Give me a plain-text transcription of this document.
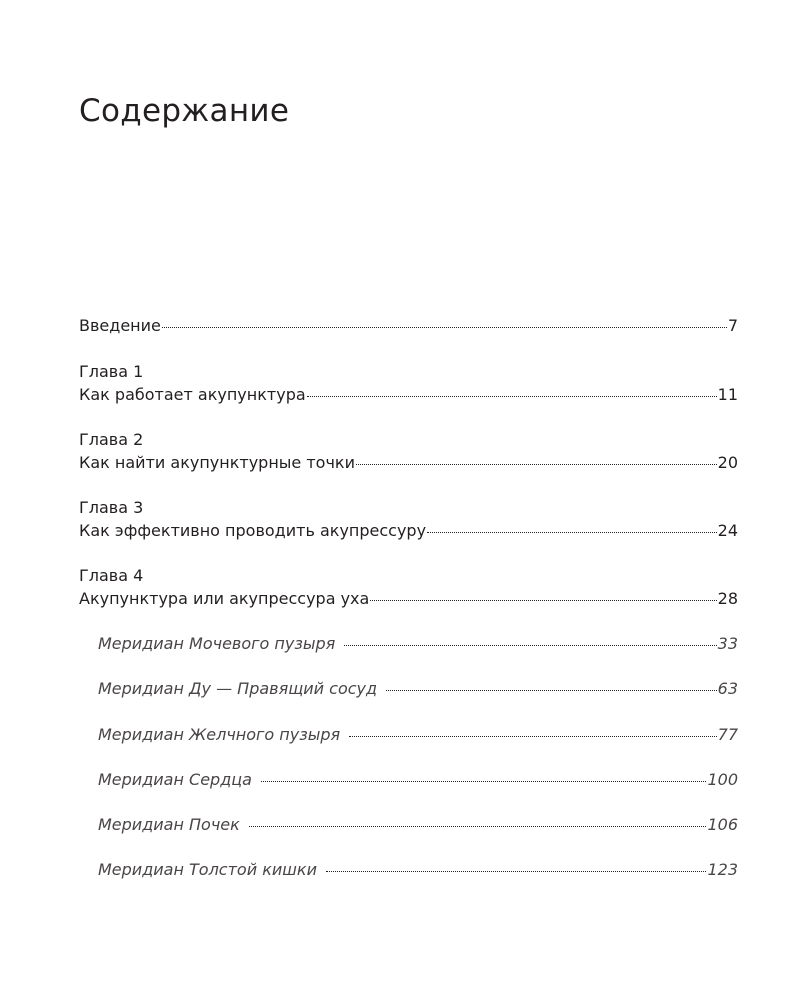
Содержание
Введение	7
Глава 1
Как работает акупунктура	11
Глава 2
Как найти акупунктурные точки	20
Глава 3
Как эффективно проводить акупрессуру	24
Глава 4
Акупунктура или акупрессура уха	28
Меридиан Мочевого пузыря	33
Меридиан Ду — Правящий сосуд	63
Меридиан Желчного пузыря	77
Меридиан Сердца	100
Меридиан Почек	106
Меридиан Толстой кишки	123
